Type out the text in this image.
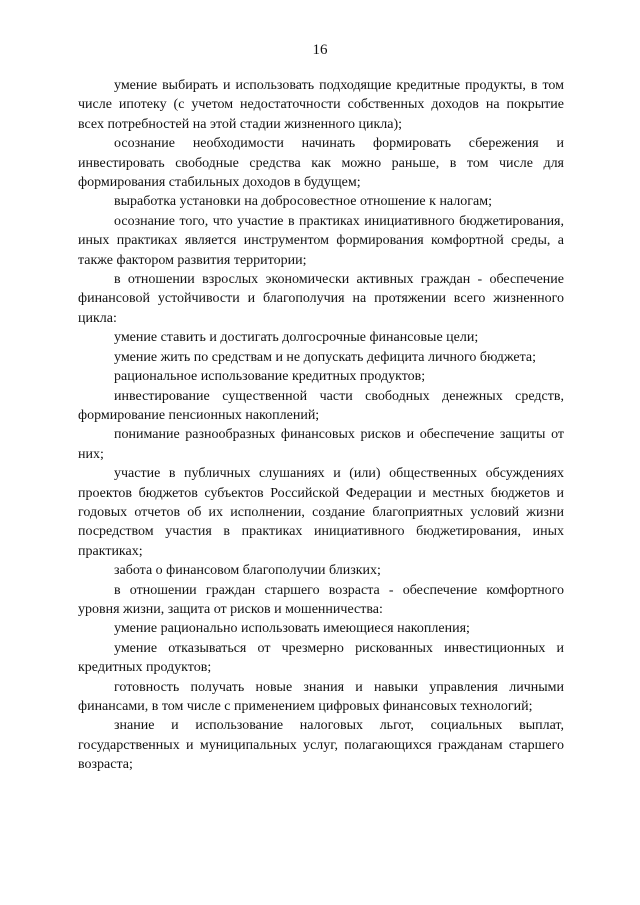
16

умение выбирать и использовать подходящие кредитные продукты, в том числе ипотеку (с учетом недостаточности собственных доходов на покрытие всех потребностей на этой стадии жизненного цикла);

осознание необходимости начинать формировать сбережения и инвестировать свободные средства как можно раньше, в том числе для формирования стабильных доходов в будущем;

выработка установки на добросовестное отношение к налогам;

осознание того, что участие в практиках инициативного бюджетирования, иных практиках является инструментом формирования комфортной среды, а также фактором развития территории;

в отношении взрослых экономически активных граждан - обеспечение финансовой устойчивости и благополучия на протяжении всего жизненного цикла:

умение ставить и достигать долгосрочные финансовые цели;

умение жить по средствам и не допускать дефицита личного бюджета;

рациональное использование кредитных продуктов;

инвестирование существенной части свободных денежных средств, формирование пенсионных накоплений;

понимание разнообразных финансовых рисков и обеспечение защиты от них;

участие в публичных слушаниях и (или) общественных обсуждениях проектов бюджетов субъектов Российской Федерации и местных бюджетов и годовых отчетов об их исполнении, создание благоприятных условий жизни посредством участия в практиках инициативного бюджетирования, иных практиках;

забота о финансовом благополучии близких;

в отношении граждан старшего возраста - обеспечение комфортного уровня жизни, защита от рисков и мошенничества:

умение рационально использовать имеющиеся накопления;

умение отказываться от чрезмерно рискованных инвестиционных и кредитных продуктов;

готовность получать новые знания и навыки управления личными финансами, в том числе с применением цифровых финансовых технологий;

знание и использование налоговых льгот, социальных выплат, государственных и муниципальных услуг, полагающихся гражданам старшего возраста;
